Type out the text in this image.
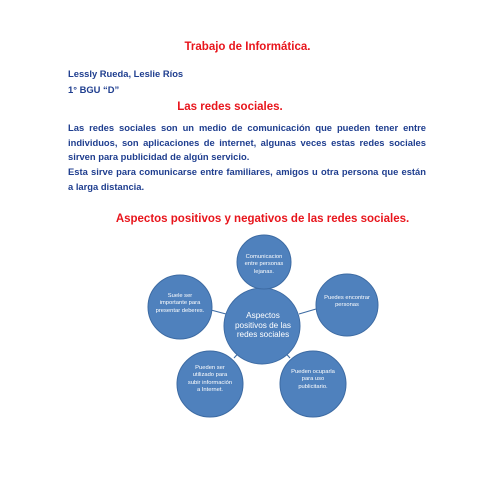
Trabajo de Informática.
Lessly Rueda, Leslie Ríos
1° BGU “D”
Las redes sociales.
Las redes sociales son un medio de comunicación que pueden tener entre individuos, son aplicaciones de internet, algunas veces estas redes sociales sirven para publicidad de algún servicio.
Esta sirve para comunicarse entre familiares, amigos u otra persona que están a larga distancia.
Aspectos positivos y negativos de las redes sociales.
Aspectos positivos de las redes sociales
Comunicacion entre personas lejanas.
Puedes encontrar personas
Pueden ocuparla para uso publicitario.
Pueden ser utilizado para subir información a Internet.
Suele ser importante para presentar deberes.
